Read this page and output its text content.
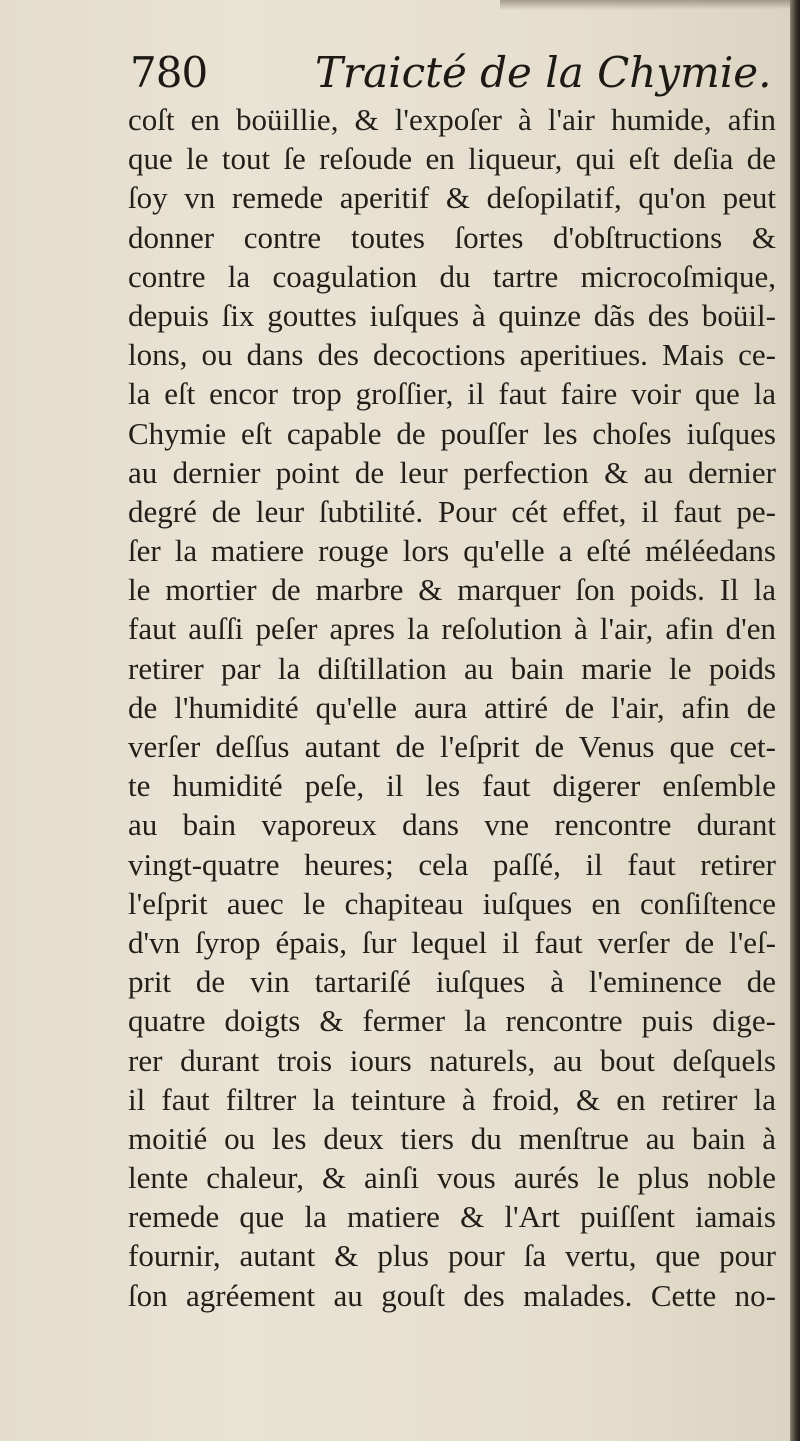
780	Traicté de la Chymie.
coſt en boüillie, & l'expoſer à l'air humide, afin
que le tout ſe reſoude en liqueur, qui eſt deſia de
ſoy vn remede aperitif & deſopilatif, qu'on peut
donner contre toutes ſortes d'obſtructions &
contre la coagulation du tartre microcoſmique,
depuis ſix gouttes iuſques à quinze dãs des boüil-
lons, ou dans des decoctions aperitiues. Mais ce-
la eſt encor trop groſſier, il faut faire voir que la
Chymie eſt capable de pouſſer les choſes iuſques
au dernier point de leur perfection & au dernier
degré de leur ſubtilité. Pour cét effet, il faut pe-
ſer la matiere rouge lors qu'elle a eſté méléedans
le mortier de marbre & marquer ſon poids. Il la
faut auſſi peſer apres la reſolution à l'air, afin d'en
retirer par la diſtillation au bain marie le poids
de l'humidité qu'elle aura attiré de l'air, afin de
verſer deſſus autant de l'eſprit de Venus que cet-
te humidité peſe, il les faut digerer enſemble
au bain vaporeux dans vne rencontre durant
vingt-quatre heures; cela paſſé, il faut retirer
l'eſprit auec le chapiteau iuſques en conſiſtence
d'vn ſyrop épais, ſur lequel il faut verſer de l'eſ-
prit de vin tartariſé iuſques à l'eminence de
quatre doigts & fermer la rencontre puis dige-
rer durant trois iours naturels, au bout deſquels
il faut filtrer la teinture à froid, & en retirer la
moitié ou les deux tiers du menſtrue au bain à
lente chaleur, & ainſi vous aurés le plus noble
remede que la matiere & l'Art puiſſent iamais
fournir, autant & plus pour ſa vertu, que pour
ſon agréement au gouſt des malades. Cette no-
